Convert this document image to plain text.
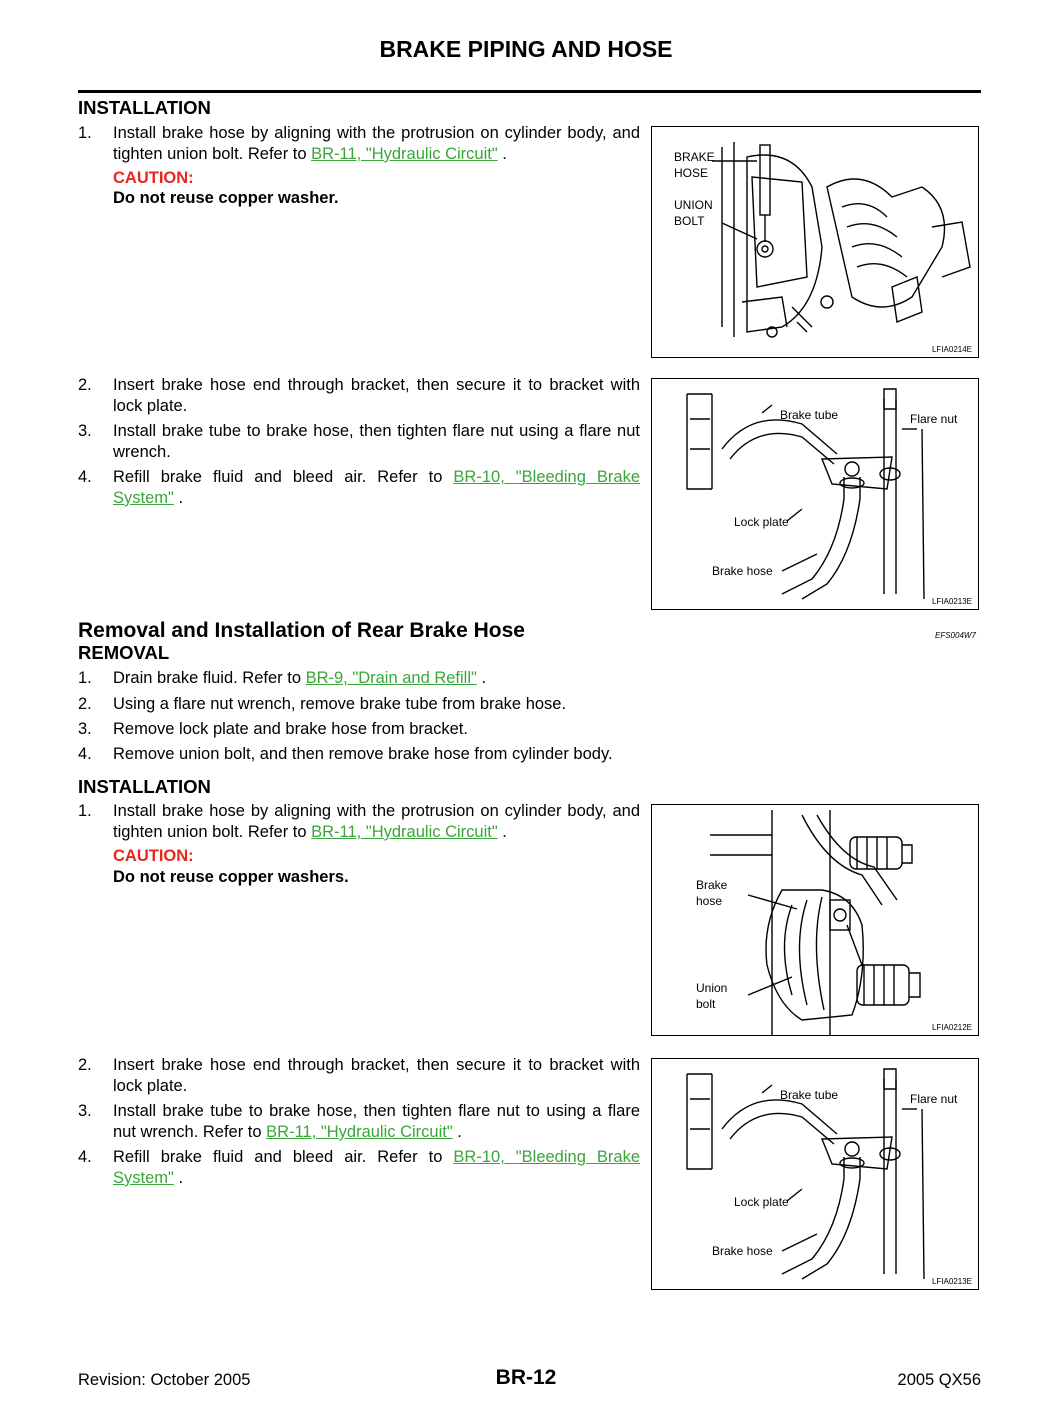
BRAKE PIPING AND HOSE
INSTALLATION
1. Install brake hose by aligning with the protrusion on cylinder body, and tighten union bolt. Refer to BR-11, "Hydraulic Circuit" .
CAUTION:
Do not reuse copper washer.
BRAKE
HOSE
UNION
BOLT
LFIA0214E
2. Insert brake hose end through bracket, then secure it to bracket with lock plate.
3. Install brake tube to brake hose, then tighten flare nut using a flare nut wrench.
4. Refill brake fluid and bleed air. Refer to BR-10, "Bleeding Brake System" .
Brake tube	Flare nut
Lock plate
Brake hose
LFIA0213E
Removal and Installation of Rear Brake Hose	EFS004W7
REMOVAL
1. Drain brake fluid. Refer to BR-9, "Drain and Refill" .
2. Using a flare nut wrench, remove brake tube from brake hose.
3. Remove lock plate and brake hose from bracket.
4. Remove union bolt, and then remove brake hose from cylinder body.
INSTALLATION
1. Install brake hose by aligning with the protrusion on cylinder body, and tighten union bolt. Refer to BR-11, "Hydraulic Circuit" .
CAUTION:
Do not reuse copper washers.	Brake
hose
Union
bolt
LFIA0212E
2. Insert brake hose end through bracket, then secure it to bracket with lock plate.
3. Install brake tube to brake hose, then tighten flare nut to using a flare nut wrench. Refer to BR-11, "Hydraulic Circuit" .
4. Refill brake fluid and bleed air. Refer to BR-10, "Bleeding Brake System" .
Brake tube	Flare nut
Lock plate
Brake hose
LFIA0213E
Revision: October 2005	BR-12	2005 QX56
